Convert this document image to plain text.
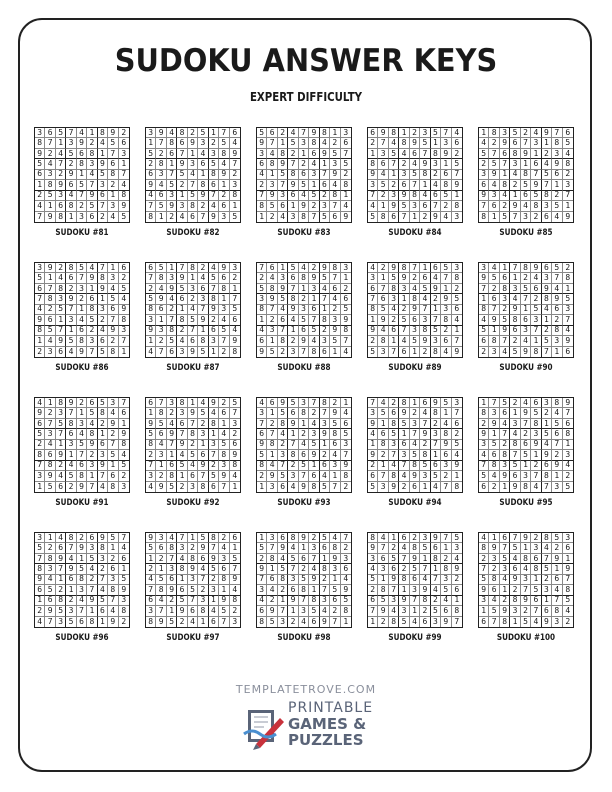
SUDOKU ANSWER KEYS
EXPERT DIFFICULTY
3 6 5 7 4 1 8 9 2
8 7 1 3 9 2 4 5 6
9 2 4 5 6 8 1 7 3
5 4 7 2 8 3 9 6 1
6 3 2 9 1 4 5 8 7
1 8 9 6 5 7 3 2 4
2 5 3 4 7 9 6 1 8
4 1 6 8 2 5 7 3 9
7 9 8 1 3 6 2 4 5
SUDOKU #81
3 9 4 8 2 5 1 7 6
1 7 8 6 9 3 2 5 4
5 2 6 7 1 4 3 8 9
2 8 1 9 3 6 5 4 7
6 3 7 5 4 1 8 9 2
9 4 5 2 7 8 6 1 3
4 6 3 1 5 9 7 2 8
7 5 9 3 8 2 4 6 1
8 1 2 4 6 7 9 3 5
SUDOKU #82
5 6 2 4 7 9 8 1 3
9 7 1 5 3 8 4 2 6
3 4 8 2 1 6 9 5 7
6 8 9 7 2 4 1 3 5
4 1 5 8 6 3 7 9 2
2 3 7 9 5 1 6 4 8
7 9 3 6 4 5 2 8 1
8 5 6 1 9 2 3 7 4
1 2 4 3 8 7 5 6 9
SUDOKU #83
6 9 8 1 2 3 5 7 4
2 7 4 8 9 5 1 3 6
1 3 5 4 6 7 8 9 2
8 6 7 2 4 9 3 1 5
9 4 1 3 5 8 2 6 7
3 5 2 6 7 1 4 8 9
7 2 3 9 8 4 6 5 1
4 1 9 5 3 6 7 2 8
5 8 6 7 1 2 9 4 3
SUDOKU #84
1 8 3 5 2 4 9 7 6
4 2 9 6 7 3 1 8 5
5 7 6 8 9 1 2 3 4
2 5 7 3 1 6 4 9 8
3 9 1 4 8 7 5 6 2
6 4 8 2 5 9 7 1 3
9 3 4 1 6 5 8 2 7
7 6 2 9 4 8 3 5 1
8 1 5 7 3 2 6 4 9
SUDOKU #85
3 9 2 8 5 4 7 1 6
5 1 4 6 7 9 8 3 2
6 7 8 2 3 1 9 4 5
7 8 3 9 2 6 1 5 4
4 2 5 7 1 8 3 6 9
9 6 1 3 4 5 2 7 8
8 5 7 1 6 2 4 9 3
1 4 9 5 8 3 6 2 7
2 3 6 4 9 7 5 8 1
SUDOKU #86
6 5 1 7 8 2 4 9 3
7 8 3 9 1 4 5 6 2
2 4 9 5 3 6 7 8 1
5 9 4 6 2 3 8 1 7
8 6 2 1 4 7 9 3 5
3 1 7 8 5 9 2 4 6
9 3 8 2 7 1 6 5 4
1 2 5 4 6 8 3 7 9
4 7 6 3 9 5 1 2 8
SUDOKU #87
7 6 1 5 4 2 9 8 3
2 4 3 6 8 9 5 7 1
5 8 9 7 1 3 4 6 2
3 9 5 8 2 1 7 4 6
8 7 4 9 3 6 1 2 5
1 2 6 4 5 7 8 3 9
4 3 7 1 6 5 2 9 8
6 1 8 2 9 4 3 5 7
9 5 2 3 7 8 6 1 4
SUDOKU #88
4 2 9 8 7 1 6 5 3
3 1 5 9 2 6 4 7 8
6 7 8 3 4 5 9 1 2
7 6 3 1 8 4 2 9 5
8 5 4 2 9 7 1 3 6
1 9 2 5 6 3 7 8 4
9 4 6 7 3 8 5 2 1
2 8 1 4 5 9 3 6 7
5 3 7 6 1 2 8 4 9
SUDOKU #89
3 4 1 7 8 9 6 5 2
9 5 6 1 2 4 3 7 8
7 2 8 3 5 6 9 4 1
1 6 3 4 7 2 8 9 5
8 7 2 9 1 5 4 6 3
4 9 5 8 6 3 1 2 7
5 1 9 6 3 7 2 8 4
6 8 7 2 4 1 5 3 9
2 3 4 5 9 8 7 1 6
SUDOKU #90
4 1 8 9 2 6 5 3 7
9 2 3 7 1 5 8 4 6
6 7 5 8 3 4 2 9 1
5 3 7 6 4 8 1 2 9
2 4 1 3 5 9 6 7 8
8 6 9 1 7 2 3 5 4
7 8 2 4 6 3 9 1 5
3 9 4 5 8 1 7 6 2
1 5 6 2 9 7 4 8 3
SUDOKU #91
6 7 3 8 1 4 9 2 5
1 8 2 3 9 5 4 6 7
9 5 4 6 7 2 8 1 3
5 6 9 7 8 3 1 4 2
8 4 7 9 2 1 3 5 6
2 3 1 4 5 6 7 8 9
7 1 6 5 4 9 2 3 8
3 2 8 1 6 7 5 9 4
4 9 5 2 3 8 6 7 1
SUDOKU #92
4 6 9 5 3 7 8 2 1
3 1 5 6 8 2 7 9 4
7 2 8 9 1 4 3 5 6
6 7 4 1 2 3 9 8 5
9 8 2 7 4 5 1 6 3
5 1 3 8 6 9 2 4 7
8 4 7 2 5 1 6 3 9
2 9 5 3 7 6 4 1 8
1 3 6 4 9 8 5 7 2
SUDOKU #93
7 4 2 8 1 6 9 5 3
3 5 6 9 2 4 8 1 7
9 1 8 5 3 7 2 4 6
4 6 5 1 7 9 3 8 2
1 8 3 6 4 2 7 9 5
9 2 7 3 5 8 1 6 4
2 1 4 7 8 5 6 3 9
6 7 8 4 9 3 5 2 1
5 3 9 2 6 1 4 7 8
SUDOKU #94
1 7 5 2 4 6 3 8 9
8 3 6 1 9 5 2 4 7
2 9 4 3 7 8 1 5 6
9 1 7 4 2 3 5 6 8
3 5 2 8 6 9 4 7 1
4 6 8 7 5 1 9 2 3
7 8 3 5 1 2 6 9 4
5 4 9 6 3 7 8 1 2
6 2 1 9 8 4 7 3 5
SUDOKU #95
3 1 4 8 2 6 9 5 7
5 2 6 7 9 3 8 1 4
7 8 9 4 1 5 3 2 6
8 3 7 9 5 4 2 6 1
9 4 1 6 8 2 7 3 5
6 5 2 1 3 7 4 8 9
1 6 8 2 4 9 5 7 3
2 9 5 3 7 1 6 4 8
4 7 3 5 6 8 1 9 2
SUDOKU #96
9 3 4 7 1 5 8 2 6
5 6 8 3 2 9 7 4 1
1 2 7 4 8 6 9 3 5
2 1 3 8 9 4 5 6 7
4 5 6 1 3 7 2 8 9
7 8 9 6 5 2 3 1 4
6 4 2 5 7 3 1 9 8
3 7 1 9 6 8 4 5 2
8 9 5 2 4 1 6 7 3
SUDOKU #97
1 3 6 8 9 2 5 4 7
5 7 9 4 1 3 6 8 2
2 8 4 5 6 7 1 9 3
9 1 5 7 2 4 8 3 6
7 6 8 3 5 9 2 1 4
3 4 2 6 8 1 7 5 9
4 2 1 9 7 8 3 6 5
6 9 7 1 3 5 4 2 8
8 5 3 2 4 6 9 7 1
SUDOKU #98
8 4 1 6 2 3 9 7 5
9 7 2 4 8 5 6 1 3
3 6 5 7 9 1 8 2 4
4 3 6 2 5 7 1 8 9
5 1 9 8 6 4 7 3 2
2 8 7 1 3 9 4 5 6
6 5 3 9 7 8 2 4 1
7 9 4 3 1 2 5 6 8
1 2 8 5 4 6 3 9 7
SUDOKU #99
4 1 6 7 9 2 8 5 3
8 9 7 5 1 3 4 2 6
2 3 5 4 8 6 7 9 1
7 2 3 6 4 8 5 1 9
5 8 4 9 3 1 2 6 7
9 6 1 2 7 5 3 4 8
3 4 2 8 9 6 1 7 5
1 5 9 3 2 7 6 8 4
6 7 8 1 5 4 9 3 2
SUDOKU #100
TEMPLATETROVE.COM
PRINTABLE
GAMES &
PUZZLES
